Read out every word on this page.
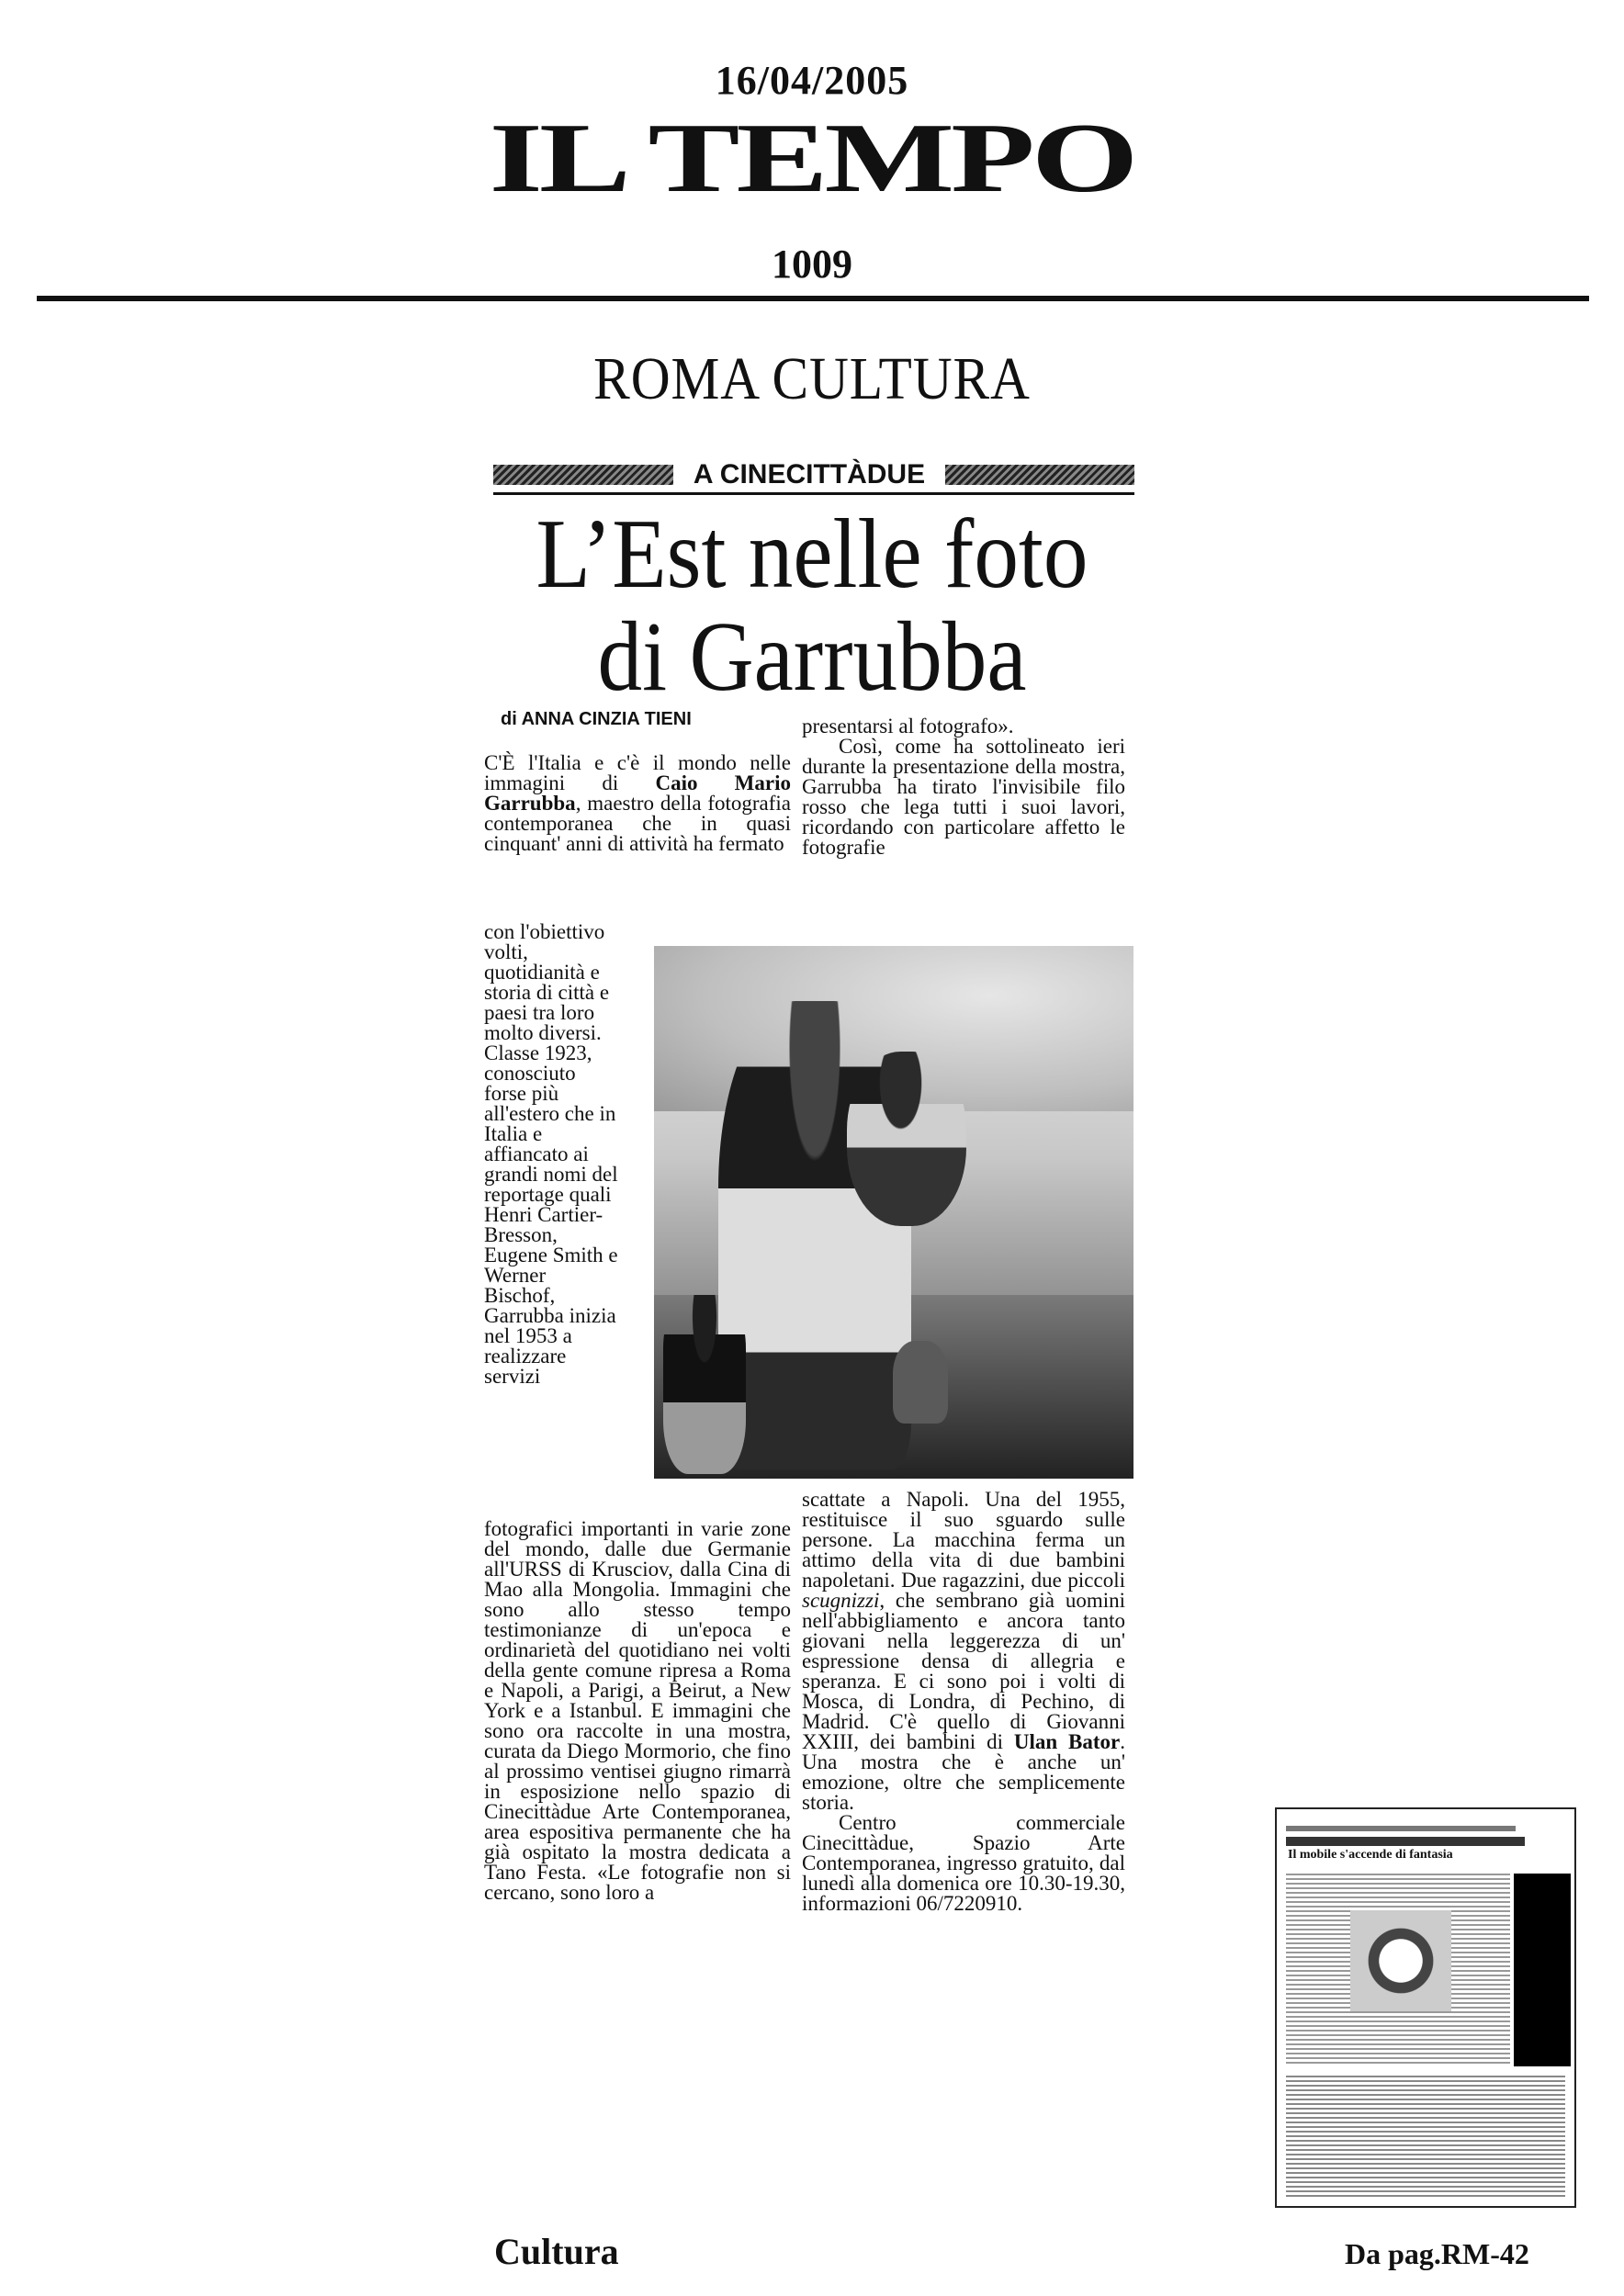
16/04/2005
IL TEMPO
1009
ROMA CULTURA
A CINECITTÀDUE
L’Est nelle foto
di Garrubba
di ANNA CINZIA TIENI

C'È l'Italia e c'è il mondo nelle immagini di Caio Mario Garrubba, maestro della fotografia contemporanea che in quasi cinquant' anni di attività ha fermato

con l'obiettivo volti, quotidianità e storia di città e paesi tra loro molto diversi. Classe 1923, conosciuto forse più all'estero che in Italia e affiancato ai grandi nomi del reportage quali Henri Cartier-Bresson, Eugene Smith e Werner Bischof, Garrubba inizia nel 1953 a realizzare servizi

fotografici importanti in varie zone del mondo, dalle due Germanie all'URSS di Krusciov, dalla Cina di Mao alla Mongolia. Immagini che sono allo stesso tempo testimonianze di un'epoca e ordinarietà del quotidiano nei volti della gente comune ripresa a Roma e Napoli, a Parigi, a Beirut, a New York e a Istanbul. E immagini che sono ora raccolte in una mostra, curata da Diego Mormorio, che fino al prossimo ventisei giugno rimarrà in esposizione nello spazio di Cinecittàdue Arte Contemporanea, area espositiva permanente che ha già ospitato la mostra dedicata a Tano Festa. «Le fotografie non si cercano, sono loro a

presentarsi al fotografo».

Così, come ha sottolineato ieri durante la presentazione della mostra, Garrubba ha tirato l'invisibile filo rosso che lega tutti i suoi lavori, ricordando con particolare affetto le fotografie

scattate a Napoli. Una del 1955, restituisce il suo sguardo sulle persone. La macchina ferma un attimo della vita di due bambini napoletani. Due ragazzini, due piccoli scugnizzi, che sembrano già uomini nell'abbigliamento e ancora tanto giovani nella leggerezza di un' espressione densa di allegria e speranza. E ci sono poi i volti di Mosca, di Londra, di Pechino, di Madrid. C'è quello di Giovanni XXIII, dei bambini di Ulan Bator. Una mostra che è anche un' emozione, oltre che semplicemente storia.

Centro commerciale Cinecittàdue, Spazio Arte Contemporanea, ingresso gratuito, dal lunedì alla domenica ore 10.30-19.30, informazioni 06/7220910.

Il mobile s'accende di fantasia
Cultura	Da pag.RM-42
